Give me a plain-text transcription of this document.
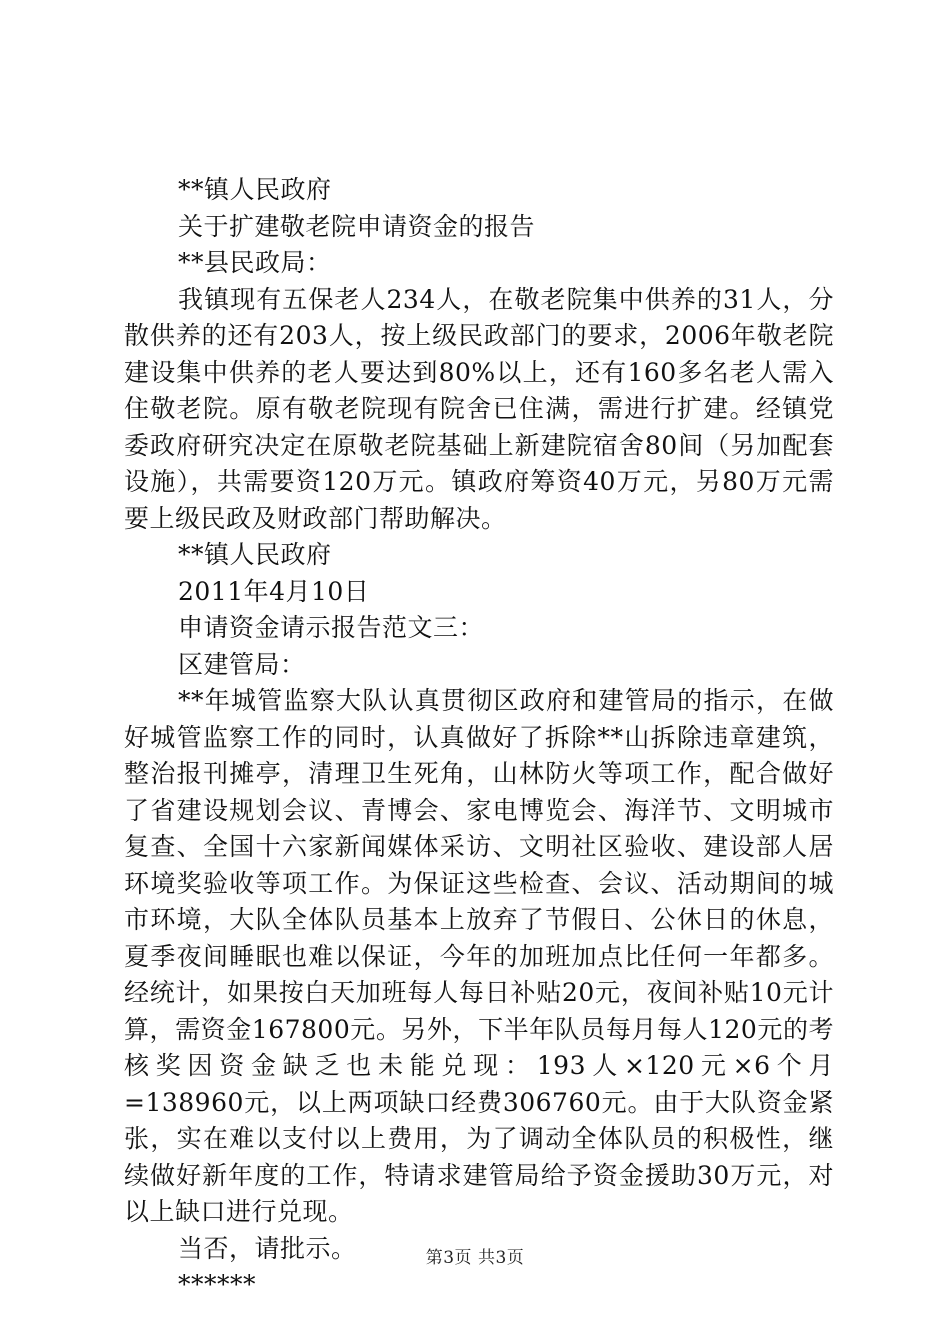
**镇人民政府
关于扩建敬老院申请资金的报告
**县民政局：
我镇现有五保老人234人，在敬老院集中供养的31人，分散供养的还有203人，按上级民政部门的要求，2006年敬老院建设集中供养的老人要达到80%以上，还有160多名老人需入住敬老院。原有敬老院现有院舍已住满，需进行扩建。经镇党委政府研究决定在原敬老院基础上新建院宿舍80间（另加配套设施），共需要资120万元。镇政府筹资40万元，另80万元需要上级民政及财政部门帮助解决。
**镇人民政府
2011年4月10日
申请资金请示报告范文三：
区建管局：
**年城管监察大队认真贯彻区政府和建管局的指示，在做好城管监察工作的同时，认真做好了拆除**山拆除违章建筑，整治报刊摊亭，清理卫生死角，山林防火等项工作，配合做好了省建设规划会议、青博会、家电博览会、海洋节、文明城市复查、全国十六家新闻媒体采访、文明社区验收、建设部人居环境奖验收等项工作。为保证这些检查、会议、活动期间的城市环境，大队全体队员基本上放弃了节假日、公休日的休息，夏季夜间睡眠也难以保证，今年的加班加点比任何一年都多。经统计，如果按白天加班每人每日补贴20元，夜间补贴10元计算，需资金167800元。另外，下半年队员每月每人120元的考核奖因资金缺乏也未能兑现：193人×120元×6个月=138960元，以上两项缺口经费306760元。由于大队资金紧张，实在难以支付以上费用，为了调动全体队员的积极性，继续做好新年度的工作，特请求建管局给予资金援助30万元，对以上缺口进行兑现。
当否，请批示。
******
第3页 共3页
